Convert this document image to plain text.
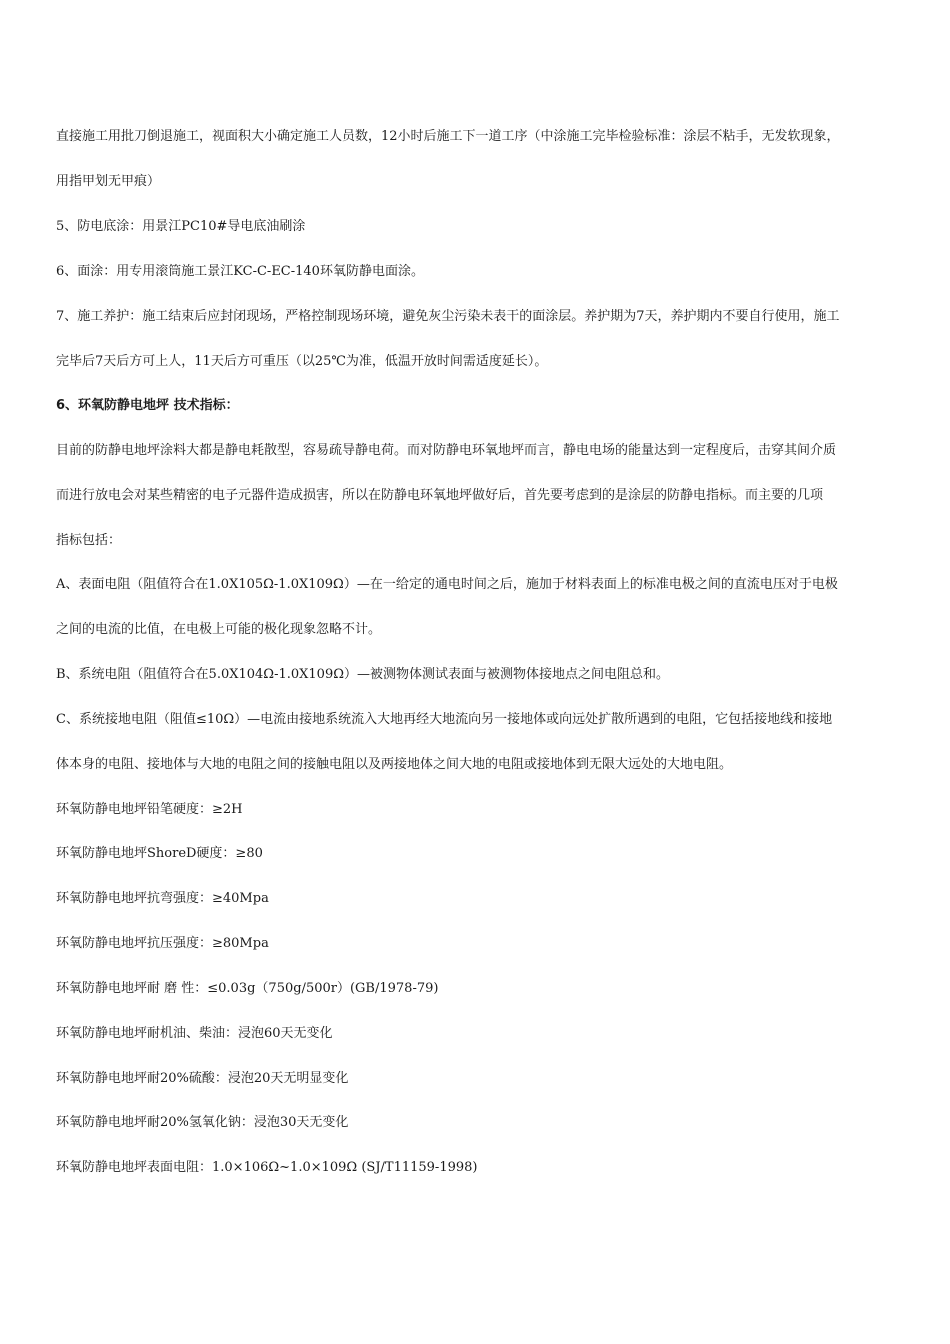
直接施工用批刀倒退施工，视面积大小确定施工人员数，12小时后施工下一道工序（中涂施工完毕检验标准：涂层不粘手，无发软现象，
用指甲划无甲痕）
5、防电底涂：用景江PC10#导电底油刷涂
6、面涂：用专用滚筒施工景江KC-C-EC-140环氧防静电面涂。
7、施工养护：施工结束后应封闭现场，严格控制现场环境，避免灰尘污染未表干的面涂层。养护期为7天，养护期内不要自行使用，施工
完毕后7天后方可上人，11天后方可重压（以25℃为准，低温开放时间需适度延长）。
6、环氧防静电地坪 技术指标：
目前的防静电地坪涂料大都是静电耗散型，容易疏导静电荷。而对防静电环氧地坪而言，静电电场的能量达到一定程度后，击穿其间介质
而进行放电会对某些精密的电子元器件造成损害，所以在防静电环氧地坪做好后，首先要考虑到的是涂层的防静电指标。而主要的几项
指标包括：
A、表面电阻（阻值符合在1.0X105Ω-1.0X109Ω）—在一给定的通电时间之后，施加于材料表面上的标准电极之间的直流电压对于电极
之间的电流的比值，在电极上可能的极化现象忽略不计。
B、系统电阻（阻值符合在5.0X104Ω-1.0X109Ω）—被测物体测试表面与被测物体接地点之间电阻总和。
C、系统接地电阻（阻值≤10Ω）—电流由接地系统流入大地再经大地流向另一接地体或向远处扩散所遇到的电阻，它包括接地线和接地
体本身的电阻、接地体与大地的电阻之间的接触电阻以及两接地体之间大地的电阻或接地体到无限大远处的大地电阻。
环氧防静电地坪铅笔硬度：≥2H
环氧防静电地坪ShoreD硬度：≥80
环氧防静电地坪抗弯强度：≥40Mpa
环氧防静电地坪抗压强度：≥80Mpa
环氧防静电地坪耐 磨 性：≤0.03g（750g/500r）(GB/1978-79)
环氧防静电地坪耐机油、柴油：浸泡60天无变化
环氧防静电地坪耐20%硫酸：浸泡20天无明显变化
环氧防静电地坪耐20%氢氧化钠：浸泡30天无变化
环氧防静电地坪表面电阻：1.0×106Ω~1.0×109Ω (SJ/T11159-1998)
